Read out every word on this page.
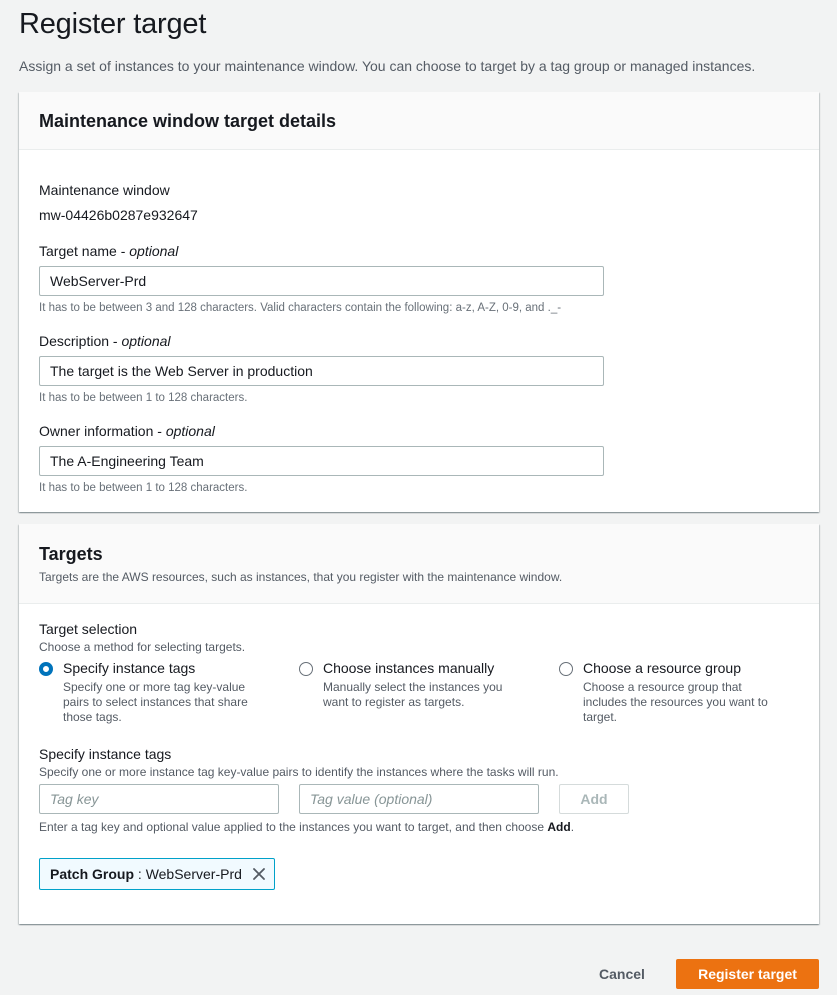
Register target

Assign a set of instances to your maintenance window. You can choose to target by a tag group or managed instances.

Maintenance window target details
Maintenance window
mw-04426b0287e932647
Target name - optional
WebServer-Prd
It has to be between 3 and 128 characters. Valid characters contain the following: a-z, A-Z, 0-9, and ._-
Description - optional
The target is the Web Server in production
It has to be between 1 to 128 characters.
Owner information - optional
The A-Engineering Team
It has to be between 1 to 128 characters.
Targets
Targets are the AWS resources, such as instances, that you register with the maintenance window.
Target selection
Choose a method for selecting targets.
Specify instance tags
Specify one or more tag key-value pairs to select instances that share those tags.
Choose instances manually
Manually select the instances you want to register as targets.
Choose a resource group
Choose a resource group that includes the resources you want to target.
Specify instance tags
Specify one or more instance tag key-value pairs to identify the instances where the tasks will run.
Tag key
Tag value (optional)
Add
Enter a tag key and optional value applied to the instances you want to target, and then choose Add.
Patch Group : WebServer-Prd
Cancel	Register target
